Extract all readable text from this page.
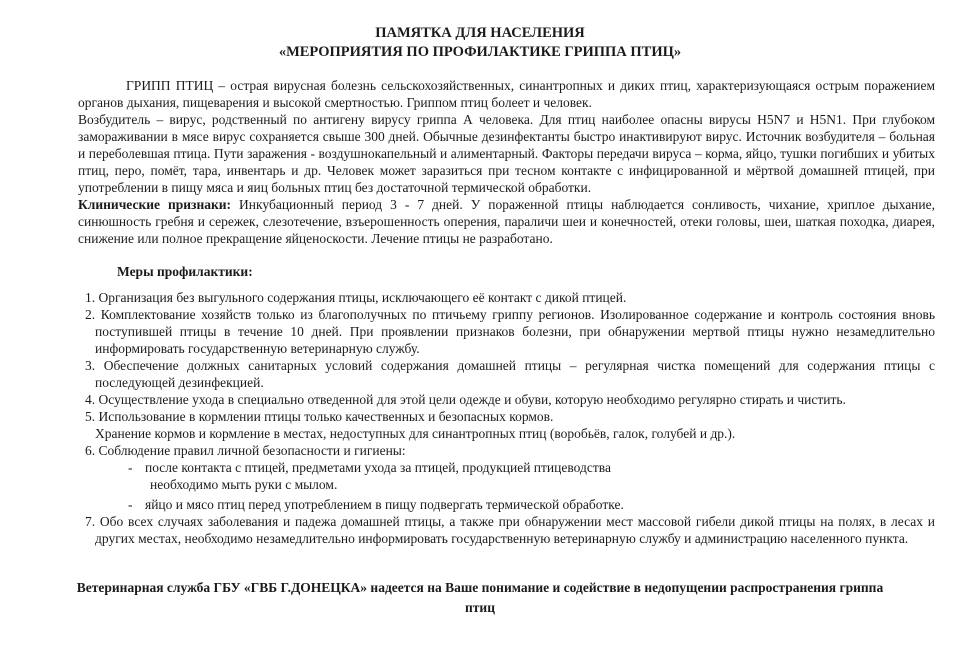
ПАМЯТКА ДЛЯ НАСЕЛЕНИЯ
«МЕРОПРИЯТИЯ ПО ПРОФИЛАКТИКЕ ГРИППА ПТИЦ»

ГРИПП ПТИЦ – острая вирусная болезнь сельскохозяйственных, синантропных и диких птиц, характеризующаяся острым поражением органов дыхания, пищеварения и высокой смертностью. Гриппом птиц болеет и человек.

Возбудитель – вирус, родственный по антигену вирусу гриппа А человека. Для птиц наиболее опасны вирусы H5N7 и H5N1. При глубоком замораживании в мясе вирус сохраняется свыше 300 дней. Обычные дезинфектанты быстро инактивируют вирус. Источник возбудителя – больная и переболевшая птица. Пути заражения - воздушнокапельный и алиментарный. Факторы передачи вируса – корма, яйцо, тушки погибших и убитых птиц, перо, помёт, тара, инвентарь и др. Человек может заразиться при тесном контакте с инфицированной и мёртвой домашней птицей, при употреблении в пищу мяса и яиц больных птиц без достаточной термической обработки.

Клинические признаки: Инкубационный период 3 - 7 дней. У пораженной птицы наблюдается сонливость, чихание, хриплое дыхание, синюшность гребня и сережек, слезотечение, взъерошенность оперения, параличи шеи и конечностей, отеки головы, шеи, шаткая походка, диарея, снижение или полное прекращение яйценоскости. Лечение птицы не разработано.

Меры профилактики:
1. Организация без выгульного содержания птицы, исключающего её контакт с дикой птицей.
2. Комплектование хозяйств только из благополучных по птичьему гриппу регионов. Изолированное содержание и контроль состояния вновь поступившей птицы в течение 10 дней. При проявлении признаков болезни, при обнаружении мертвой птицы нужно незамедлительно информировать государственную ветеринарную службу.
3. Обеспечение должных санитарных условий содержания домашней птицы – регулярная чистка помещений для содержания птицы с последующей дезинфекцией.
4. Осуществление ухода в специально отведенной для этой цели одежде и обуви, которую необходимо регулярно стирать и чистить.
5. Использование в кормлении птицы только качественных и безопасных кормов.
Хранение кормов и кормление в местах, недоступных для синантропных птиц (воробьёв, галок, голубей и др.).
6. Соблюдение правил личной безопасности и гигиены:
- после контакта с птицей, предметами ухода за птицей, продукцией птицеводства
необходимо мыть руки с мылом.
- яйцо и мясо птиц перед употреблением в пищу подвергать термической обработке.
7. Обо всех случаях заболевания и падежа домашней птицы, а также при обнаружении мест массовой гибели дикой птицы на полях, в лесах и других местах, необходимо незамедлительно информировать государственную ветеринарную службу и администрацию населенного пункта.
Ветеринарная служба ГБУ «ГВБ Г.ДОНЕЦКА» надеется на Ваше понимание и содействие в недопущении распространения гриппа
птиц
